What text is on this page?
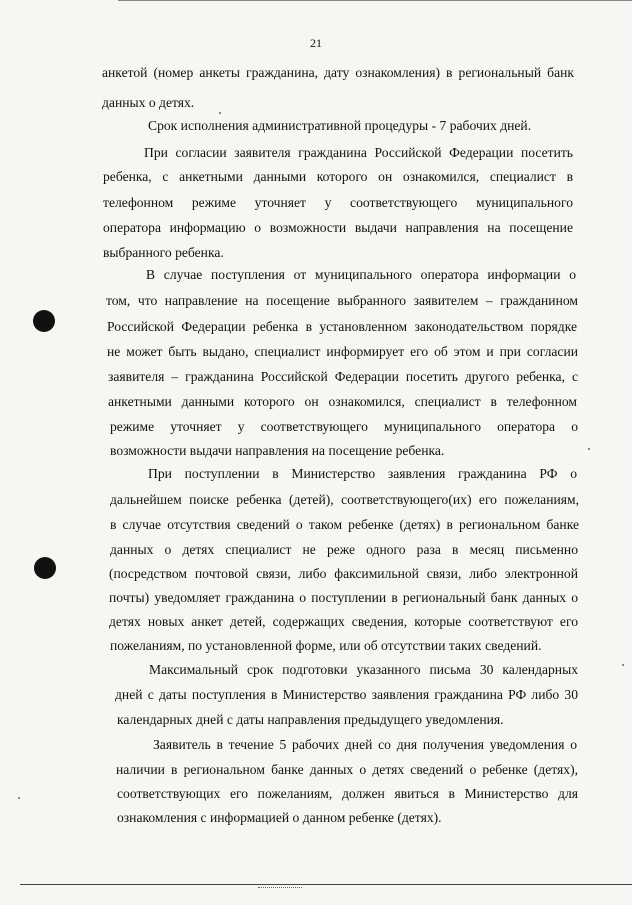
21
анкетой (номер анкеты гражданина, дату ознакомления) в региональный банк
данных о детях.
Срок исполнения административной процедуры - 7 рабочих дней.
При согласии заявителя гражданина Российской Федерации посетить
ребенка, с анкетными данными которого он ознакомился, специалист в
телефонном режиме уточняет у соответствующего муниципального
оператора информацию о возможности выдачи направления на посещение
выбранного ребенка.
В случае поступления от муниципального оператора информации о
том, что направление на посещение выбранного заявителем – гражданином
Российской Федерации ребенка в установленном законодательством порядке
не может быть выдано, специалист информирует его об этом и при согласии
заявителя – гражданина Российской Федерации посетить другого ребенка, с
анкетными данными которого он ознакомился, специалист в телефонном
режиме уточняет у соответствующего муниципального оператора о
возможности выдачи направления на посещение ребенка.
При поступлении в Министерство заявления гражданина РФ о
дальнейшем поиске ребенка (детей), соответствующего(их) его пожеланиям,
в случае отсутствия сведений о таком ребенке (детях) в региональном банке
данных о детях специалист не реже одного раза в месяц письменно
(посредством почтовой связи, либо факсимильной связи, либо электронной
почты) уведомляет гражданина о поступлении в региональный банк данных о
детях новых анкет детей, содержащих сведения, которые соответствуют его
пожеланиям, по установленной форме, или об отсутствии таких сведений.
Максимальный срок подготовки указанного письма 30 календарных
дней с даты поступления в Министерство заявления гражданина РФ либо 30
календарных дней с даты направления предыдущего уведомления.
Заявитель в течение 5 рабочих дней со дня получения уведомления о
наличии в региональном банке данных о детях сведений о ребенке (детях),
соответствующих его пожеланиям, должен явиться в Министерство для
ознакомления с информацией о данном ребенке (детях).
